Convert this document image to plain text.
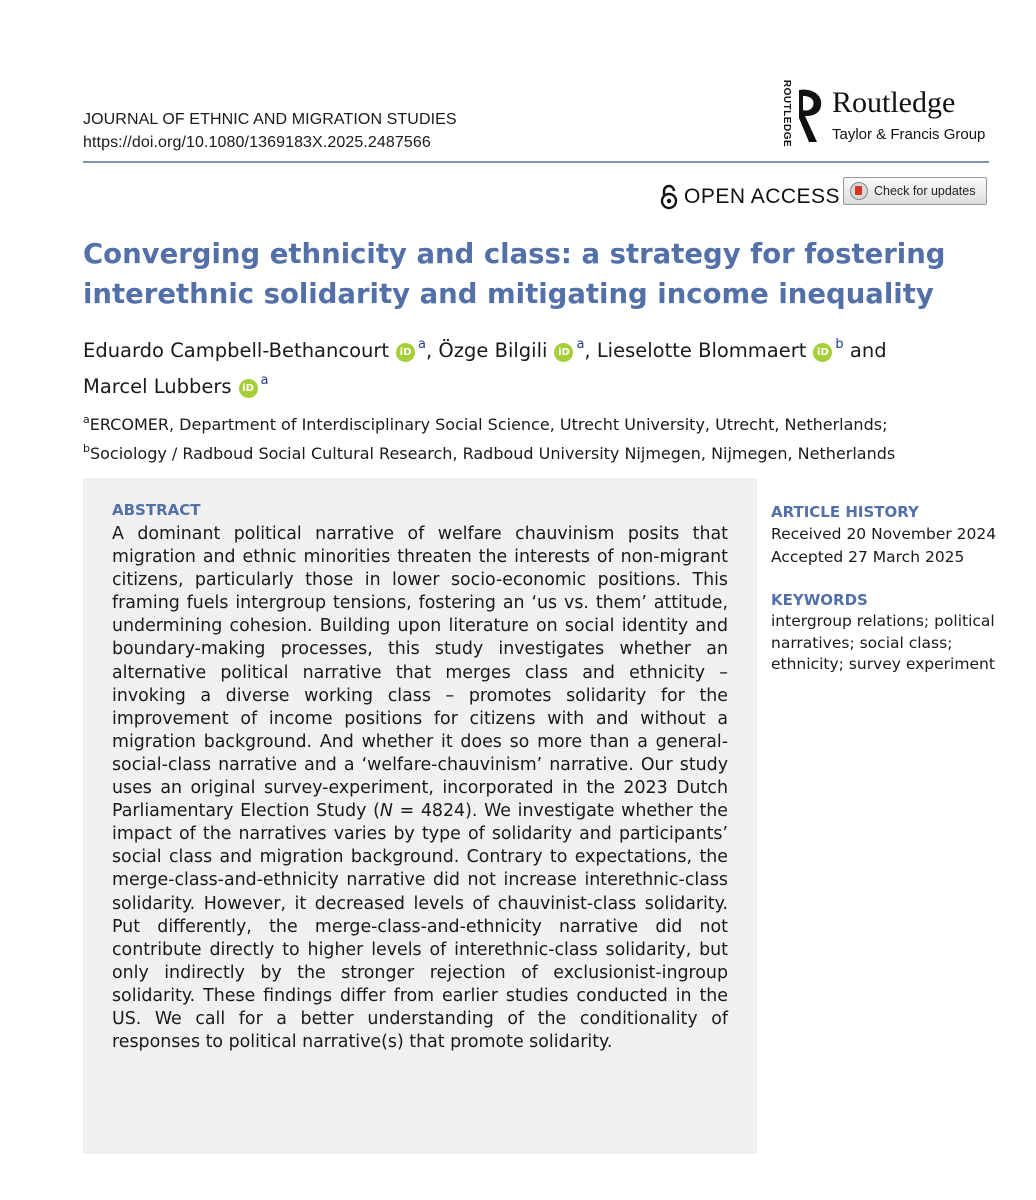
JOURNAL OF ETHNIC AND MIGRATION STUDIES
https://doi.org/10.1080/1369183X.2025.2487566	ROUTLEDGE Routledge
Taylor & Francis Group
OPEN ACCESS	Check for updates
Converging ethnicity and class: a strategy for fostering
interethnic solidarity and mitigating income inequality

Eduardo Campbell-Bethancourt iD$^a$, Özge Bilgili iD$^a$, Lieselotte Blommaert iD$^b$ and
Marcel Lubbers iD$^a$

$^a$ERCOMER, Department of Interdisciplinary Social Science, Utrecht University, Utrecht, Netherlands;
$^b$Sociology / Radboud Social Cultural Research, Radboud University Nijmegen, Nijmegen, Netherlands
ABSTRACT
A dominant political narrative of welfare chauvinism posits that migration and ethnic minorities threaten the interests of non-migrant citizens, particularly those in lower socio-economic positions. This framing fuels intergroup tensions, fostering an ‘us vs. them’ attitude, undermining cohesion. Building upon literature on social identity and boundary-making processes, this study investigates whether an alternative political narrative that merges class and ethnicity – invoking a diverse working class – promotes solidarity for the improvement of income positions for citizens with and without a migration background. And whether it does so more than a general-social-class narrative and a ‘welfare-chauvinism’ narrative. Our study uses an original survey-experiment, incorporated in the 2023 Dutch Parliamentary Election Study (N = 4824). We investigate whether the impact of the narratives varies by type of solidarity and participants’ social class and migration background. Contrary to expectations, the merge-class-and-ethnicity narrative did not increase interethnic-class solidarity. However, it decreased levels of chauvinist-class solidarity. Put differently, the merge-class-and-ethnicity narrative did not contribute directly to higher levels of interethnic-class solidarity, but only indirectly by the stronger rejection of exclusionist-ingroup solidarity. These findings differ from earlier studies conducted in the US. We call for a better understanding of the conditionality of responses to political narrative(s) that promote solidarity.
ARTICLE HISTORY
Received 20 November 2024
Accepted 27 March 2025
KEYWORDS
intergroup relations; political narratives; social class; ethnicity; survey experiment
